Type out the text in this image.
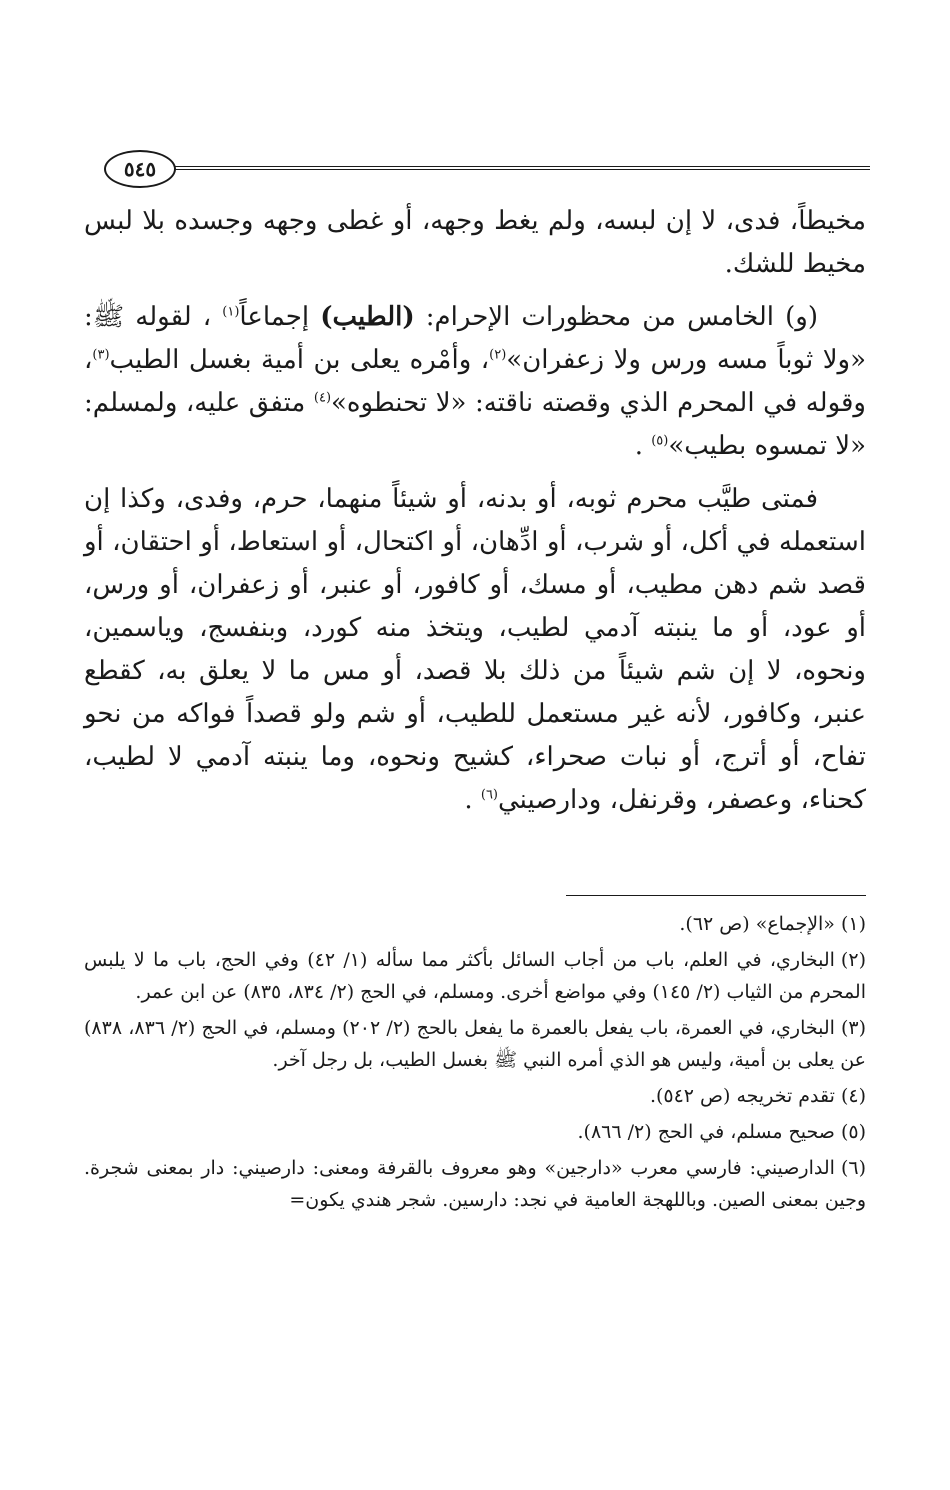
٥٤٥

مخيطاً، فدى، لا إن لبسه، ولم يغط وجهه، أو غطى وجهه وجسده بلا لبس مخيط للشك.

(و) الخامس من محظورات الإحرام: (الطيب) إجماعاً$^{(١)}$ ، لقوله ﷺ: «ولا ثوباً مسه ورس ولا زعفران»$^{(٢)}$، وأمْره يعلى بن أمية بغسل الطيب$^{(٣)}$، وقوله في المحرم الذي وقصته ناقته: «لا تحنطوه»$^{(٤)}$ متفق عليه، ولمسلم: «لا تمسوه بطيب»$^{(٥)}$ .

فمتى طيَّب محرم ثوبه، أو بدنه، أو شيئاً منهما، حرم، وفدى، وكذا إن استعمله في أكل، أو شرب، أو ادِّهان، أو اكتحال، أو استعاط، أو احتقان، أو قصد شم دهن مطيب، أو مسك، أو كافور، أو عنبر، أو زعفران، أو ورس، أو عود، أو ما ينبته آدمي لطيب، ويتخذ منه كورد، وبنفسج، وياسمين، ونحوه، لا إن شم شيئاً من ذلك بلا قصد، أو مس ما لا يعلق به، كقطع عنبر، وكافور، لأنه غير مستعمل للطيب، أو شم ولو قصداً فواكه من نحو تفاح، أو أترج، أو نبات صحراء، كشيح ونحوه، وما ينبته آدمي لا لطيب، كحناء، وعصفر، وقرنفل، ودارصيني$^{(٦)}$ .

(١)«الإجماع» (ص ٦٢).

(٢)البخاري، في العلم، باب من أجاب السائل بأكثر مما سأله (١/ ٤٢) وفي الحج، باب ما لا يلبس المحرم من الثياب (٢/ ١٤٥) وفي مواضع أخرى. ومسلم، في الحج (٢/ ٨٣٤، ٨٣٥) عن ابن عمر.

(٣)البخاري، في العمرة، باب يفعل بالعمرة ما يفعل بالحج (٢/ ٢٠٢) ومسلم، في الحج (٢/ ٨٣٦، ٨٣٨) عن يعلى بن أمية، وليس هو الذي أمره النبي ﷺ بغسل الطيب، بل رجل آخر.

(٤)تقدم تخريجه (ص ٥٤٢).

(٥)صحيح مسلم، في الحج (٢/ ٨٦٦).

(٦)الدارصيني: فارسي معرب «دارجين» وهو معروف بالقرفة ومعنى: دارصيني: دار بمعنى شجرة. وجين بمعنى الصين. وباللهجة العامية في نجد: دارسين. شجر هندي يكون=
